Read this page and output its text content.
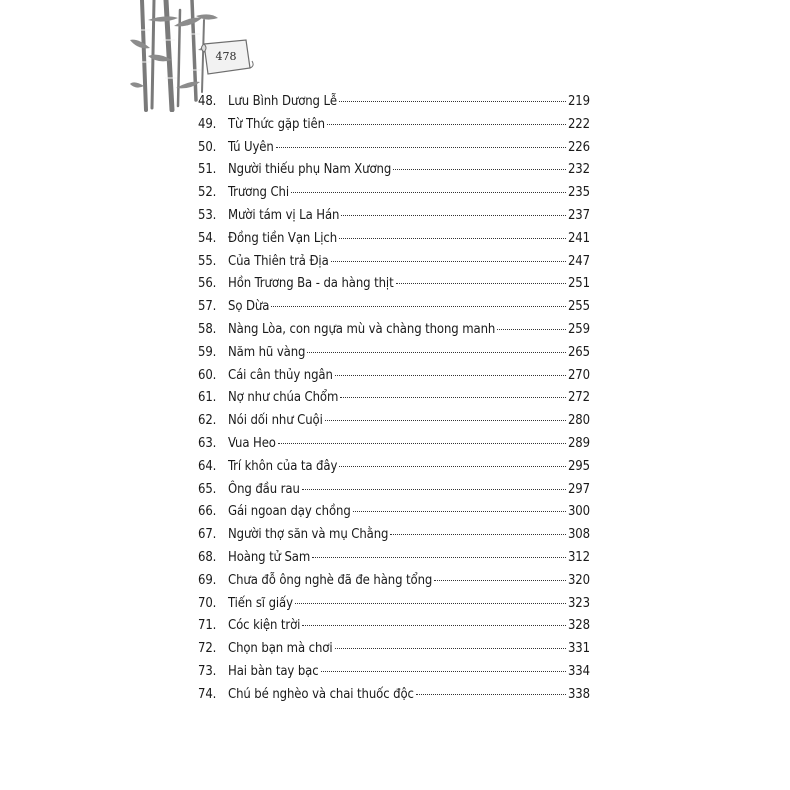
478
48. Lưu Bình Dương Lễ	219
49. Từ Thức gặp tiên	222
50. Tú Uyên	226
51. Người thiếu phụ Nam Xương	232
52. Trương Chi	235
53. Mười tám vị La Hán	237
54. Đồng tiền Vạn Lịch	241
55. Của Thiên trả Địa	247
56. Hồn Trương Ba - da hàng thịt	251
57. Sọ Dừa	255
58. Nàng Lòa, con ngựa mù và chàng thong manh	259
59. Năm hũ vàng	265
60. Cái cân thủy ngân	270
61. Nợ như chúa Chổm	272
62. Nói dối như Cuội	280
63. Vua Heo	289
64. Trí khôn của ta đây	295
65. Ông đầu rau	297
66. Gái ngoan dạy chồng	300
67. Người thợ săn và mụ Chằng	308
68. Hoàng tử Sam	312
69. Chưa đỗ ông nghè đã đe hàng tổng	320
70. Tiến sĩ giấy	323
71. Cóc kiện trời	328
72. Chọn bạn mà chơi	331
73. Hai bàn tay bạc	334
74. Chú bé nghèo và chai thuốc độc	338
